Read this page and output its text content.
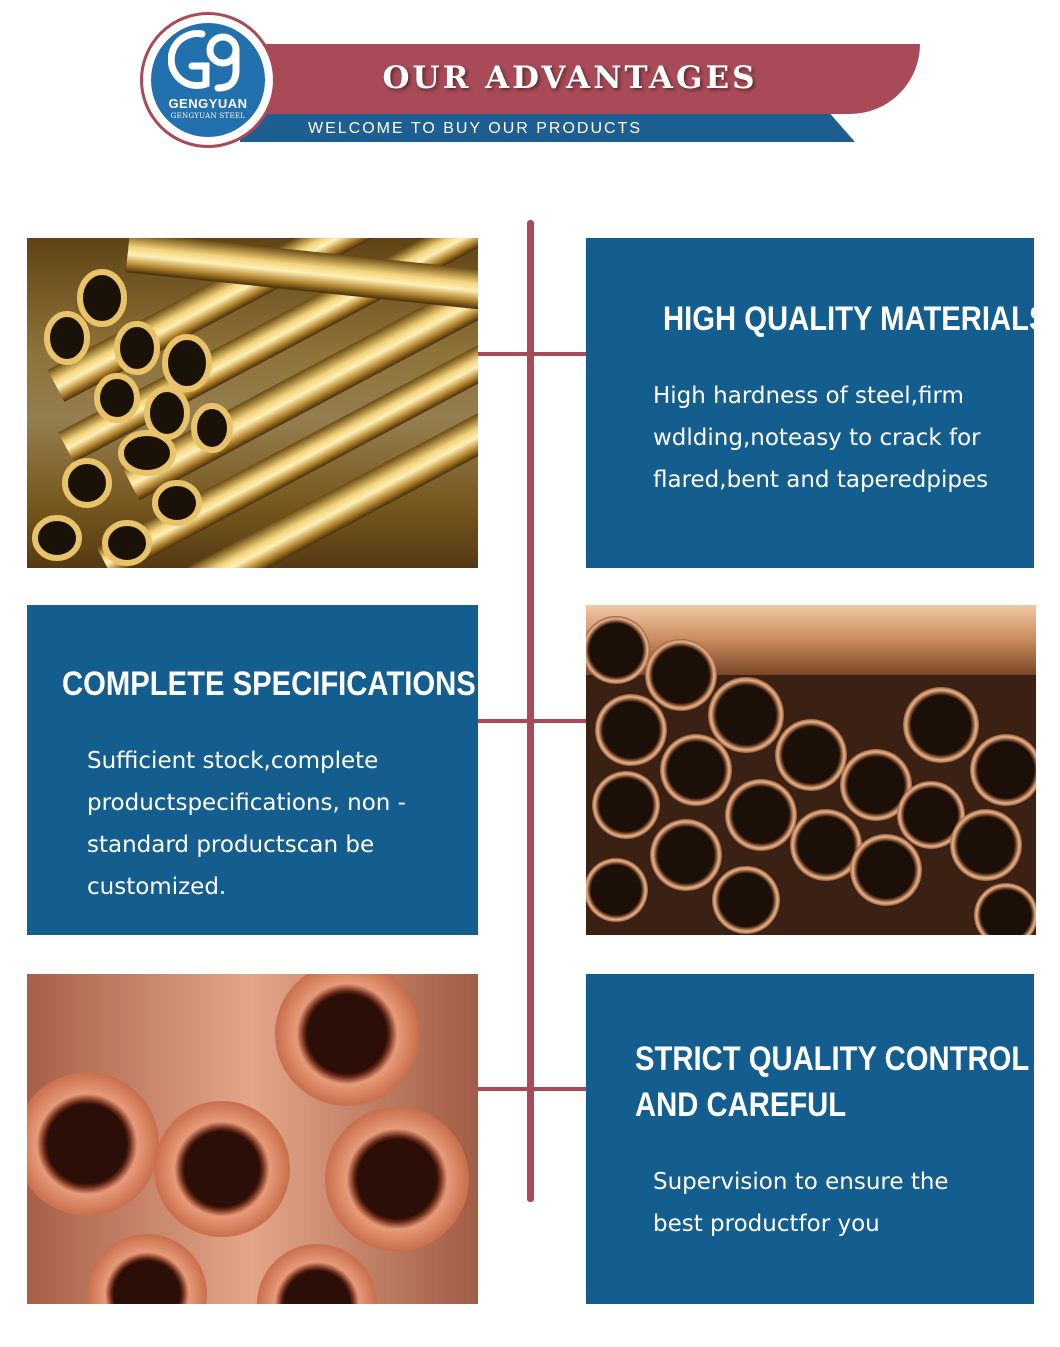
OUR ADVANTAGES
WELCOME TO BUY OUR PRODUCTS
GENGYUAN
GENGYUAN STEEL
HIGH QUALITY MATERIALS
High hardness of steel,firm
wdlding,noteasy to crack for
flared,bent and taperedpipes
COMPLETE SPECIFICATIONS
Sufficient stock,complete
productspecifications, non -
standard productscan be
customized.
STRICT QUALITY CONTROL
AND CAREFUL
Supervision to ensure the
best productfor you
